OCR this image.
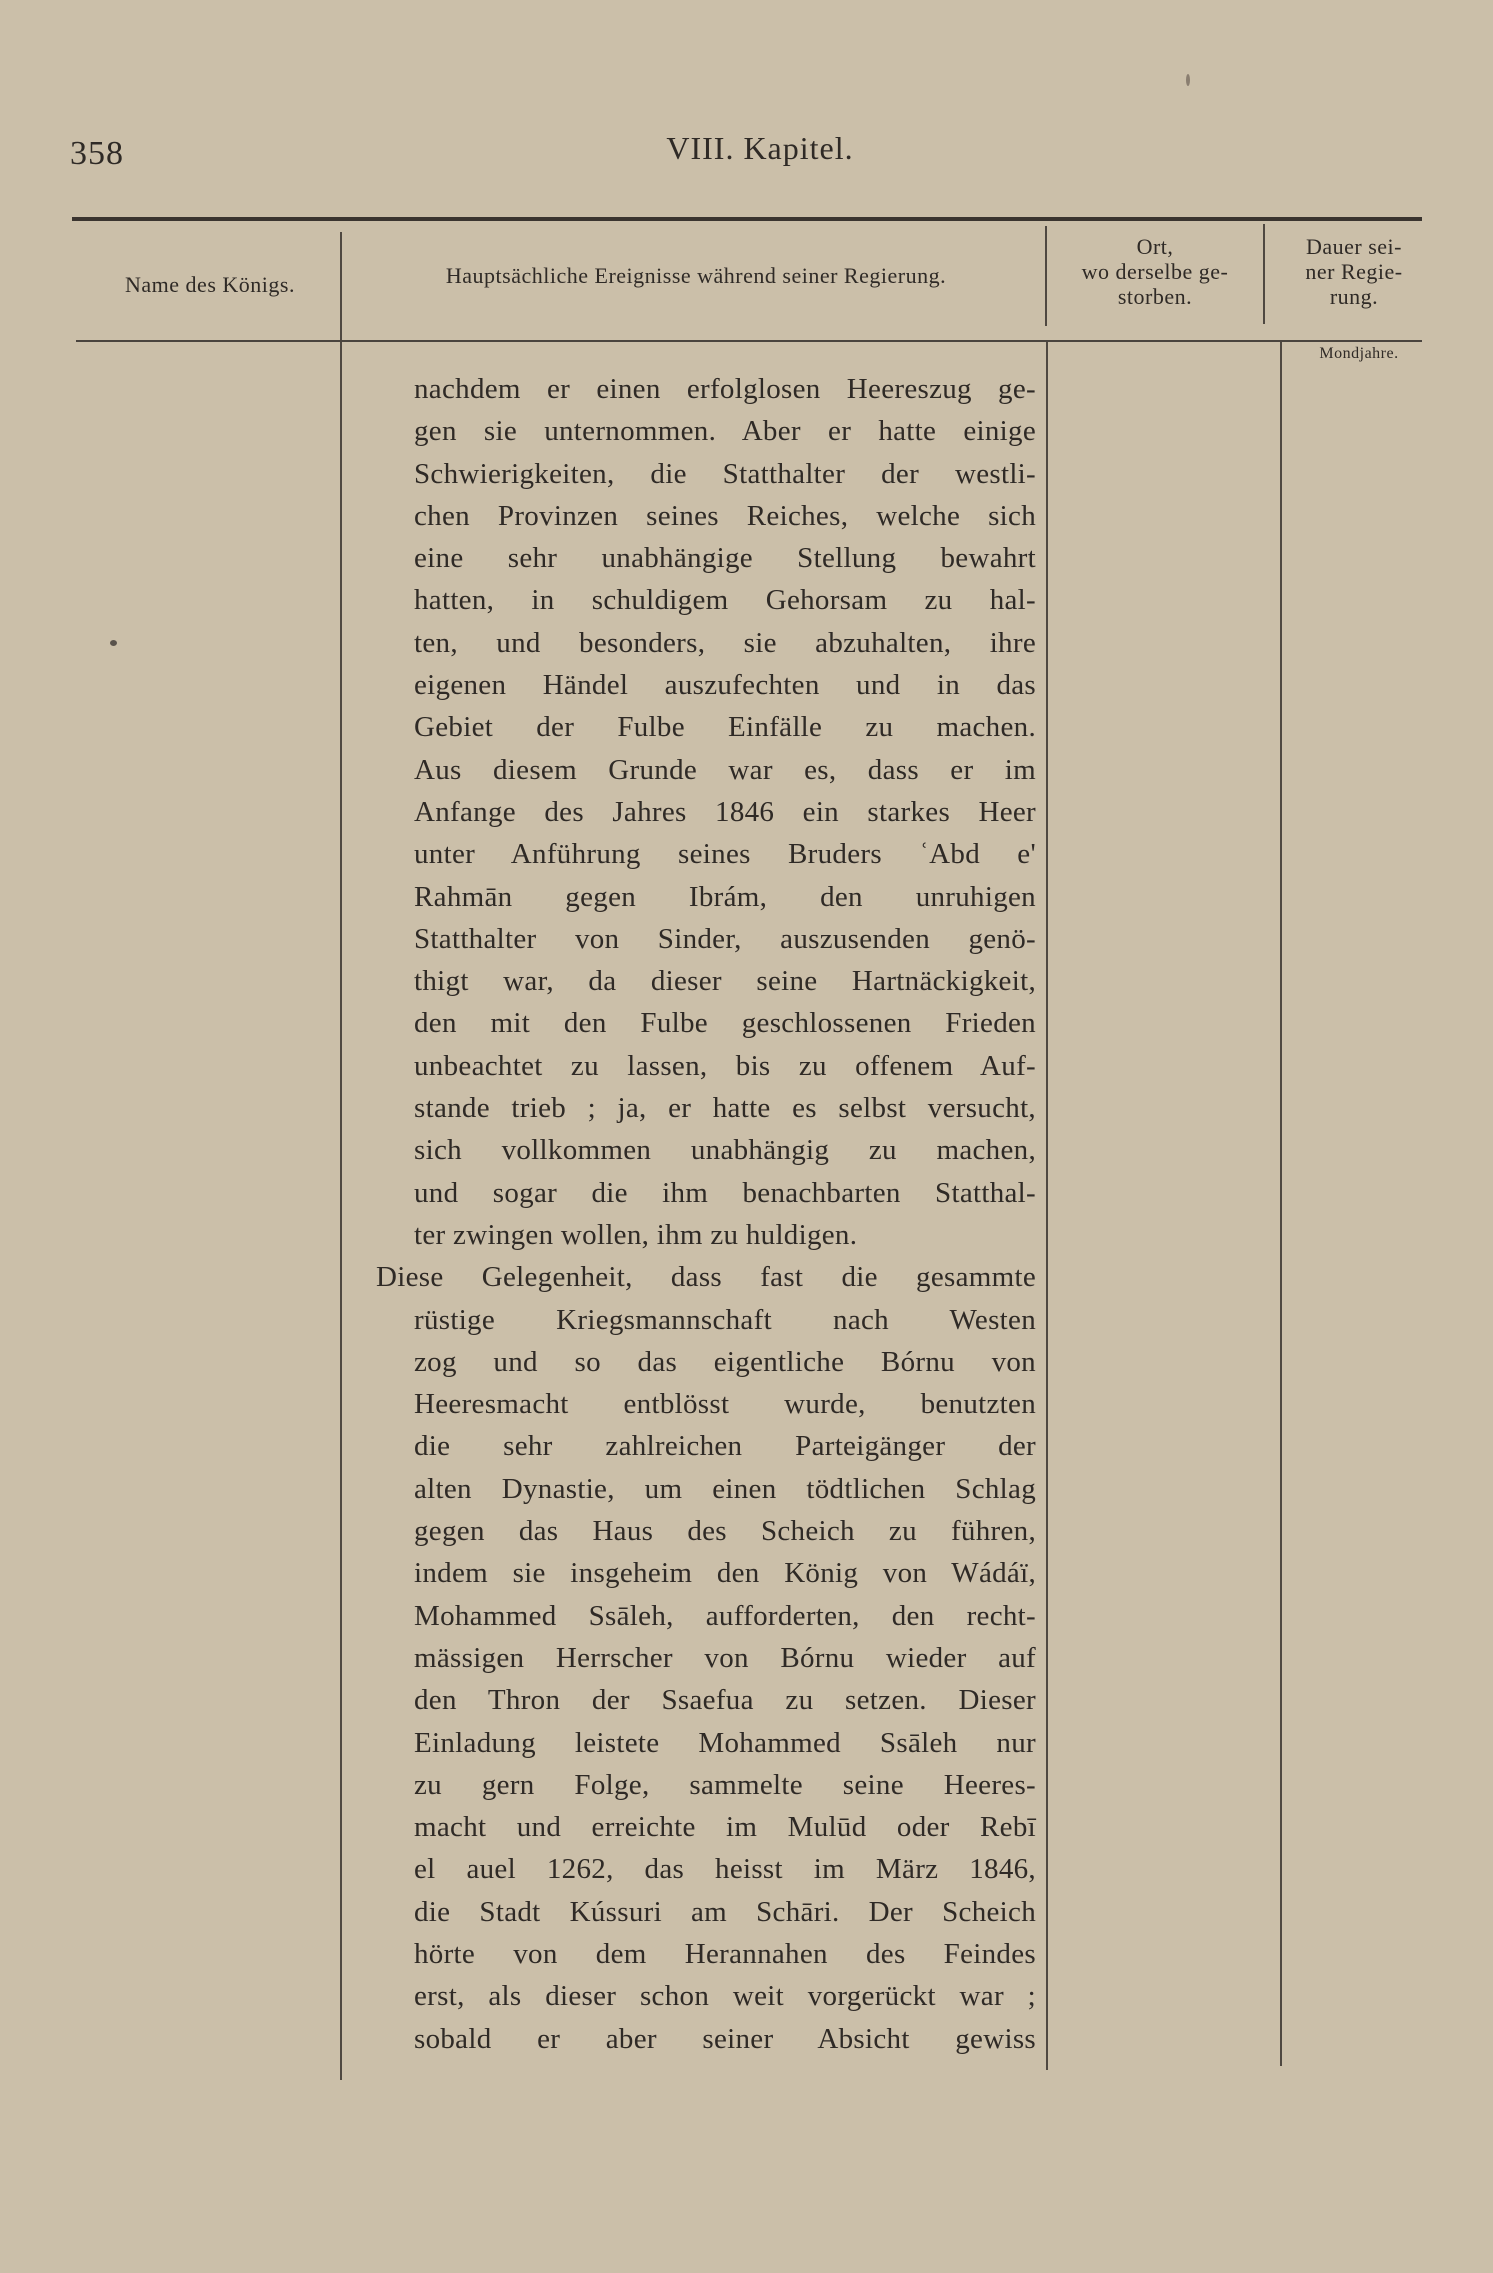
358	VIII. Kapitel.
Name des Königs.	Hauptsächliche Ereignisse während seiner Regierung.
Ort,
wo derselbe ge-
storben.
Dauer sei-
ner Regie-
rung.
Mondjahre.
nachdem er einen erfolglosen Heereszug ge-
gen sie unternommen. Aber er hatte einige
Schwierigkeiten, die Statthalter der westli-
chen Provinzen seines Reiches, welche sich
eine sehr unabhängige Stellung bewahrt
hatten, in schuldigem Gehorsam zu hal-
ten, und besonders, sie abzuhalten, ihre
eigenen Händel auszufechten und in das
Gebiet der Fulbe Einfälle zu machen.
Aus diesem Grunde war es, dass er im
Anfange des Jahres 1846 ein starkes Heer
unter Anführung seines Bruders ʿAbd e'
Rahmān gegen Ibrám, den unruhigen
Statthalter von Sinder, auszusenden genö-
thigt war, da dieser seine Hartnäckigkeit,
den mit den Fulbe geschlossenen Frieden
unbeachtet zu lassen, bis zu offenem Auf-
stande trieb ; ja, er hatte es selbst versucht,
sich vollkommen unabhängig zu machen,
und sogar die ihm benachbarten Statthal-
ter zwingen wollen, ihm zu huldigen.
Diese Gelegenheit, dass fast die gesammte
rüstige Kriegsmannschaft nach Westen
zog und so das eigentliche Bórnu von
Heeresmacht entblösst wurde, benutzten
die sehr zahlreichen Parteigänger der
alten Dynastie, um einen tödtlichen Schlag
gegen das Haus des Scheich zu führen,
indem sie insgeheim den König von Wádáï,
Mohammed Ssāleh, aufforderten, den recht-
mässigen Herrscher von Bórnu wieder auf
den Thron der Ssaefua zu setzen. Dieser
Einladung leistete Mohammed Ssāleh nur
zu gern Folge, sammelte seine Heeres-
macht und erreichte im Mulūd oder Rebī
el auel 1262, das heisst im März 1846,
die Stadt Kússuri am Schāri. Der Scheich
hörte von dem Herannahen des Feindes
erst, als dieser schon weit vorgerückt war ;
sobald er aber seiner Absicht gewiss
